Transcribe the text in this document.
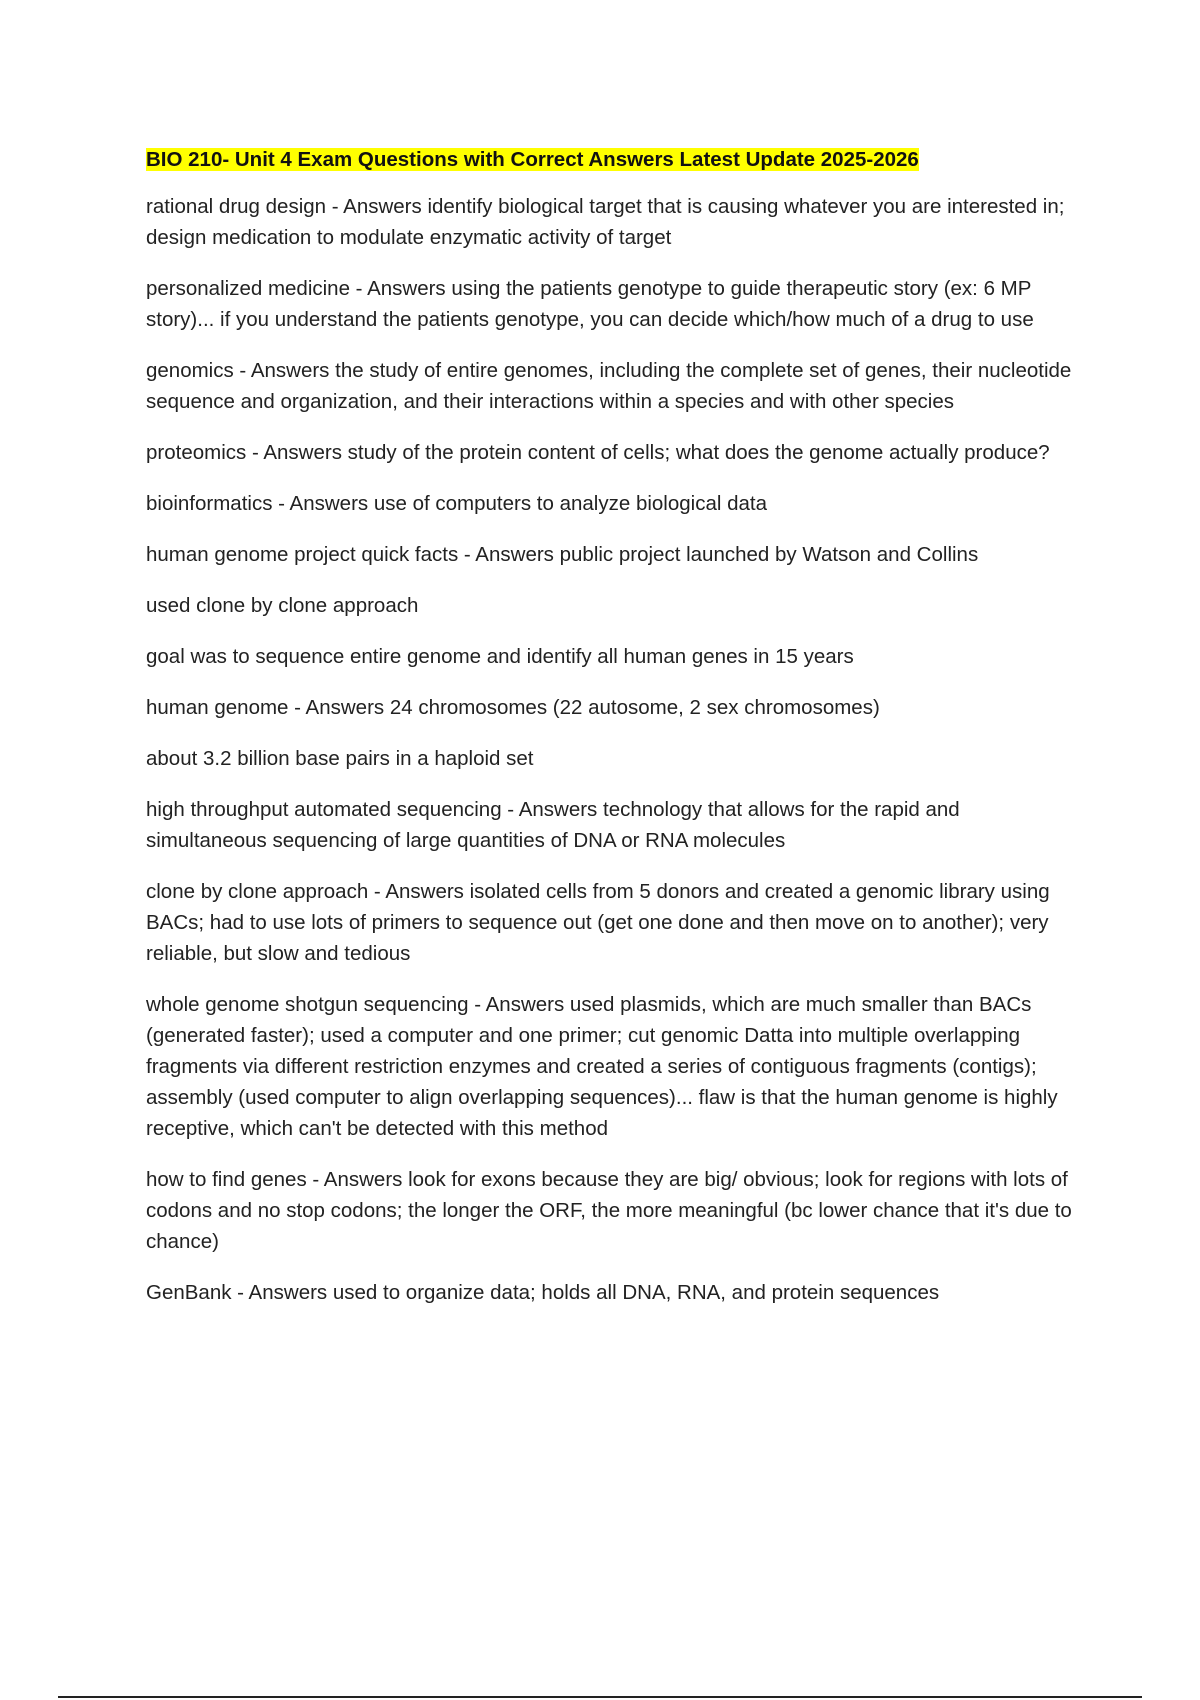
BIO 210- Unit 4 Exam Questions with Correct Answers Latest Update 2025-2026

rational drug design - Answers identify biological target that is causing whatever you are interested in; design medication to modulate enzymatic activity of target

personalized medicine - Answers using the patients genotype to guide therapeutic story (ex: 6 MP story)... if you understand the patients genotype, you can decide which/how much of a drug to use

genomics - Answers the study of entire genomes, including the complete set of genes, their nucleotide sequence and organization, and their interactions within a species and with other species

proteomics - Answers study of the protein content of cells; what does the genome actually produce?

bioinformatics - Answers use of computers to analyze biological data

human genome project quick facts - Answers public project launched by Watson and Collins

used clone by clone approach

goal was to sequence entire genome and identify all human genes in 15 years

human genome - Answers 24 chromosomes (22 autosome, 2 sex chromosomes)

about 3.2 billion base pairs in a haploid set

high throughput automated sequencing - Answers technology that allows for the rapid and simultaneous sequencing of large quantities of DNA or RNA molecules

clone by clone approach - Answers isolated cells from 5 donors and created a genomic library using BACs; had to use lots of primers to sequence out (get one done and then move on to another); very reliable, but slow and tedious

whole genome shotgun sequencing - Answers used plasmids, which are much smaller than BACs (generated faster); used a computer and one primer; cut genomic Datta into multiple overlapping fragments via different restriction enzymes and created a series of contiguous fragments (contigs); assembly (used computer to align overlapping sequences)... flaw is that the human genome is highly receptive, which can't be detected with this method

how to find genes - Answers look for exons because they are big/ obvious; look for regions with lots of codons and no stop codons; the longer the ORF, the more meaningful (bc lower chance that it's due to chance)

GenBank - Answers used to organize data; holds all DNA, RNA, and protein sequences
